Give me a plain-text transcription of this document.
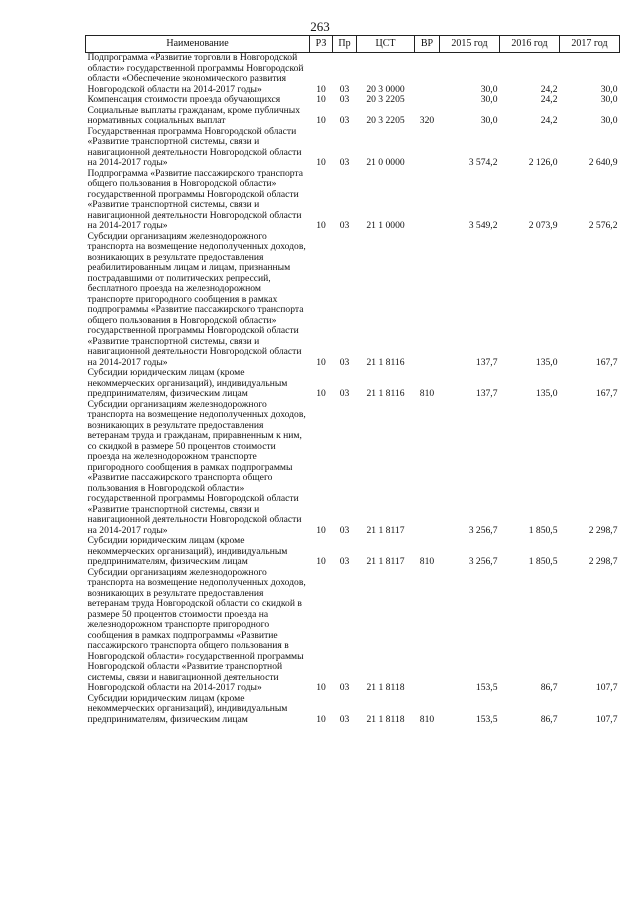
263
Наименование	РЗ	Пр	ЦСТ	ВР	2015 год	2016 год	2017 год
Подпрограмма «Развитие торговли в Новгородской области» государственной программы Новгородской области «Обеспечение экономического развития Новгородской области на 2014-2017 годы»	10	03	20 3 0000		30,0	24,2	30,0
Компенсация стоимости проезда обучающихся	10	03	20 3 2205		30,0	24,2	30,0
Социальные выплаты гражданам, кроме публичных нормативных социальных выплат	10	03	20 3 2205	320	30,0	24,2	30,0
Государственная программа Новгородской области «Развитие транспортной системы, связи и навигационной деятельности Новгородской области на 2014-2017 годы»	10	03	21 0 0000		3 574,2	2 126,0	2 640,9
Подпрограмма «Развитие пассажирского транспорта общего пользования в Новгородской области» государственной программы Новгородской области «Развитие транспортной системы, связи и навигационной деятельности Новгородской области на 2014-2017 годы»	10	03	21 1 0000		3 549,2	2 073,9	2 576,2
Субсидии организациям железнодорожного транспорта на возмещение недополученных доходов, возникающих в результате предоставления реабилитированным лицам и лицам, признанным пострадавшими от политических репрессий, бесплатного проезда на железнодорожном транспорте пригородного сообщения в рамках подпрограммы «Развитие пассажирского транспорта общего пользования в Новгородской области» государственной программы Новгородской области «Развитие транспортной системы, связи и навигационной деятельности Новгородской области на 2014-2017 годы»	10	03	21 1 8116		137,7	135,0	167,7
Субсидии юридическим лицам (кроме некоммерческих организаций), индивидуальным предпринимателям, физическим лицам	10	03	21 1 8116	810	137,7	135,0	167,7
Субсидии организациям железнодорожного транспорта на возмещение недополученных доходов, возникающих в результате предоставления ветеранам труда и гражданам, приравненным к ним, со скидкой в размере 50 процентов стоимости проезда на железнодорожном транспорте пригородного сообщения в рамках подпрограммы «Развитие пассажирского транспорта общего пользования в Новгородской области» государственной программы Новгородской области «Развитие транспортной системы, связи и навигационной деятельности Новгородской области на 2014-2017 годы»	10	03	21 1 8117		3 256,7	1 850,5	2 298,7
Субсидии юридическим лицам (кроме некоммерческих организаций), индивидуальным предпринимателям, физическим лицам	10	03	21 1 8117	810	3 256,7	1 850,5	2 298,7
Субсидии организациям железнодорожного транспорта на возмещение недополученных доходов, возникающих в результате предоставления ветеранам труда Новгородской области со скидкой в размере 50 процентов стоимости проезда на железнодорожном транспорте пригородного сообщения в рамках подпрограммы «Развитие пассажирского транспорта общего пользования в Новгородской области» государственной программы Новгородской области «Развитие транспортной системы, связи и навигационной деятельности Новгородской области на 2014-2017 годы»	10	03	21 1 8118		153,5	86,7	107,7
Субсидии юридическим лицам (кроме некоммерческих организаций), индивидуальным предпринимателям, физическим лицам	10	03	21 1 8118	810	153,5	86,7	107,7
